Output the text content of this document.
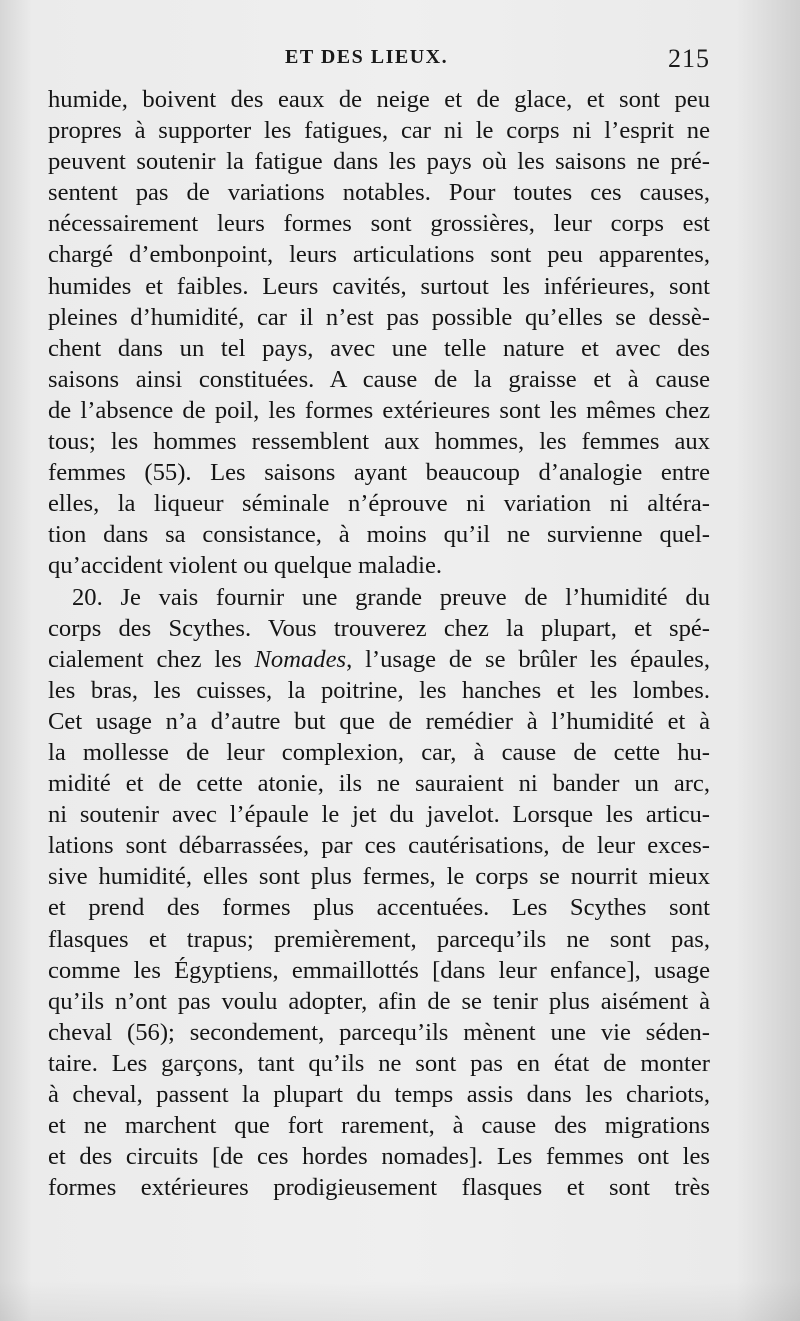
ET DES LIEUX.	215
humide, boivent des eaux de neige et de glace, et sont peu
propres à supporter les fatigues, car ni le corps ni l’esprit ne
peuvent soutenir la fatigue dans les pays où les saisons ne pré-
sentent pas de variations notables. Pour toutes ces causes,
nécessairement leurs formes sont grossières, leur corps est
chargé d’embonpoint, leurs articulations sont peu apparentes,
humides et faibles. Leurs cavités, surtout les inférieures, sont
pleines d’humidité, car il n’est pas possible qu’elles se dessè-
chent dans un tel pays, avec une telle nature et avec des
saisons ainsi constituées. A cause de la graisse et à cause
de l’absence de poil, les formes extérieures sont les mêmes chez
tous; les hommes ressemblent aux hommes, les femmes aux
femmes (55). Les saisons ayant beaucoup d’analogie entre
elles, la liqueur séminale n’éprouve ni variation ni altéra-
tion dans sa consistance, à moins qu’il ne survienne quel-
qu’accident violent ou quelque maladie.
20. Je vais fournir une grande preuve de l’humidité du
corps des Scythes. Vous trouverez chez la plupart, et spé-
cialement chez les Nomades, l’usage de se brûler les épaules,
les bras, les cuisses, la poitrine, les hanches et les lombes.
Cet usage n’a d’autre but que de remédier à l’humidité et à
la mollesse de leur complexion, car, à cause de cette hu-
midité et de cette atonie, ils ne sauraient ni bander un arc,
ni soutenir avec l’épaule le jet du javelot. Lorsque les articu-
lations sont débarrassées, par ces cautérisations, de leur exces-
sive humidité, elles sont plus fermes, le corps se nourrit mieux
et prend des formes plus accentuées. Les Scythes sont
flasques et trapus; premièrement, parcequ’ils ne sont pas,
comme les Égyptiens, emmaillottés [dans leur enfance], usage
qu’ils n’ont pas voulu adopter, afin de se tenir plus aisément à
cheval (56); secondement, parcequ’ils mènent une vie séden-
taire. Les garçons, tant qu’ils ne sont pas en état de monter
à cheval, passent la plupart du temps assis dans les chariots,
et ne marchent que fort rarement, à cause des migrations
et des circuits [de ces hordes nomades]. Les femmes ont les
formes extérieures prodigieusement flasques et sont très
